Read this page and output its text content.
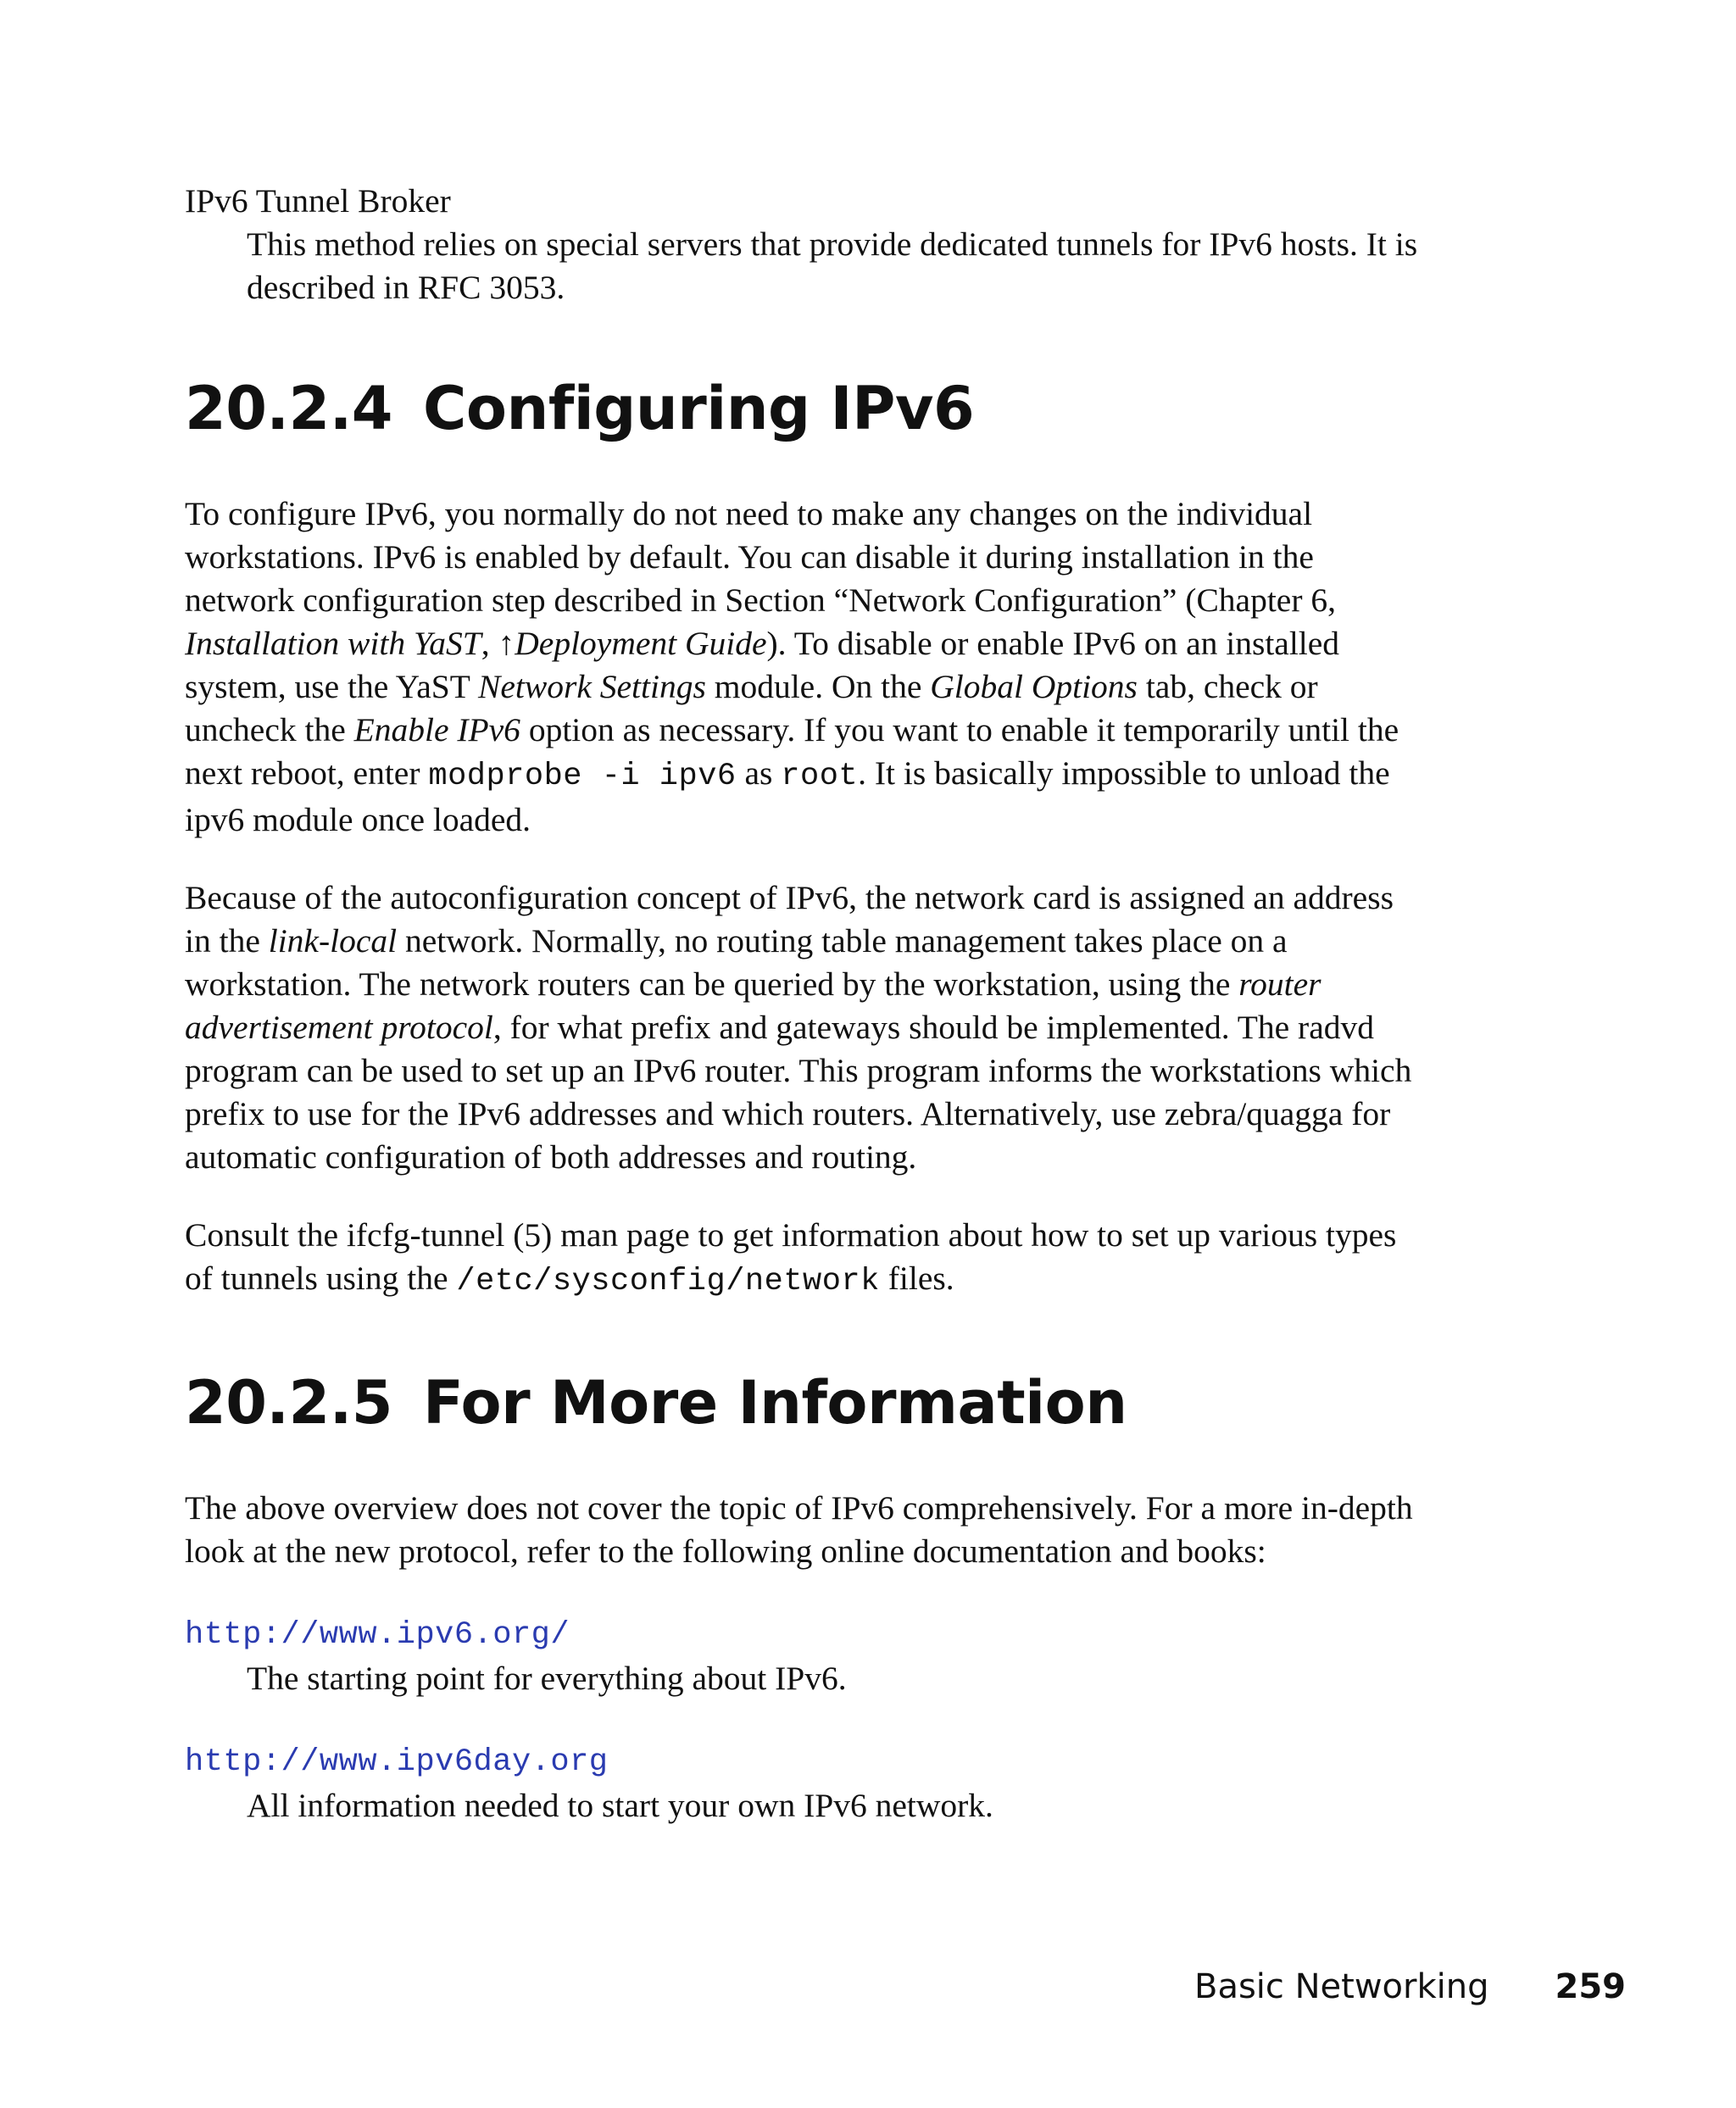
IPv6 Tunnel Broker
This method relies on special servers that provide dedicated tunnels for IPv6 hosts. It is described in RFC 3053.
20.2.4 Configuring IPv6

To configure IPv6, you normally do not need to make any changes on the individual workstations. IPv6 is enabled by default. You can disable it during installation in the network configuration step described in Section “Network Configuration” (Chapter 6, Installation with YaST, ↑Deployment Guide). To disable or enable IPv6 on an installed system, use the YaST Network Settings module. On the Global Options tab, check or uncheck the Enable IPv6 option as necessary. If you want to enable it temporarily until the next reboot, enter modprobe -i ipv6 as root. It is basically impossible to unload the ipv6 module once loaded.

Because of the autoconfiguration concept of IPv6, the network card is assigned an address in the link-local network. Normally, no routing table management takes place on a workstation. The network routers can be queried by the workstation, using the router advertisement protocol, for what prefix and gateways should be implemented. The radvd program can be used to set up an IPv6 router. This program informs the workstations which prefix to use for the IPv6 addresses and which routers. Alternatively, use zebra/quagga for automatic configuration of both addresses and routing.

Consult the ifcfg-tunnel (5) man page to get information about how to set up various types of tunnels using the /etc/sysconfig/network files.

20.2.5 For More Information

The above overview does not cover the topic of IPv6 comprehensively. For a more in-depth look at the new protocol, refer to the following online documentation and books:

http://www.ipv6.org/
The starting point for everything about IPv6.
http://www.ipv6day.org
All information needed to start your own IPv6 network.
Basic Networking 259
